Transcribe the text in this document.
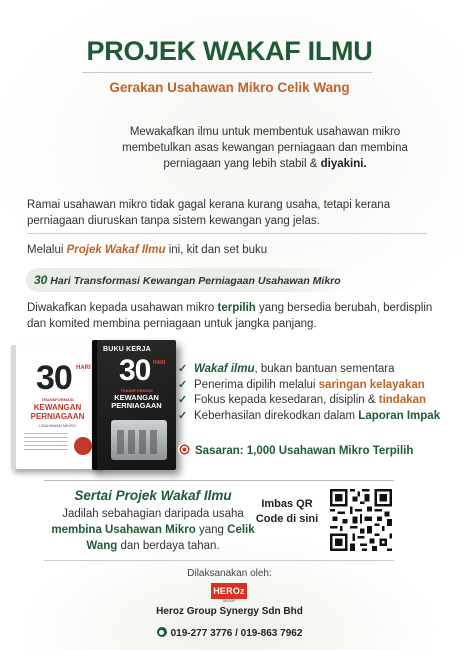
PROJEK WAKAF ILMU
Gerakan Usahawan Mikro Celik Wang
Mewakafkan ilmu untuk membentuk usahawan mikro membetulkan asas kewangan perniagaan dan membina perniagaan yang lebih stabil & diyakini.
Ramai usahawan mikro tidak gagal kerana kurang usaha, tetapi kerana perniagaan diuruskan tanpa sistem kewangan yang jelas.
Melalui Projek Wakaf Ilmu ini, kit dan set buku
30 Hari Transformasi Kewangan Perniagaan Usahawan Mikro
Diwakafkan kepada usahawan mikro terpilih yang bersedia berubah, berdisplin dan komited membina perniagaan untuk jangka panjang.
30 HARI
TRANSFORMASI
KEWANGAN PERNIAGAAN
USAHAWAN MIKRO
BUKU KERJA
30 HARI
TRANSFORMASI
KEWANGAN PERNIAGAAN
✓ Wakaf ilmu, bukan bantuan sementara
✓ Penerima dipilih melalui saringan kelayakan
✓ Fokus kepada kesedaran, disiplin & tindakan
✓ Keberhasilan direkodkan dalam Laporan Impak
Sasaran: 1,000 Usahawan Mikro Terpilih
Sertai Projek Wakaf Ilmu
Jadilah sebahagian daripada usaha membina Usahawan Mikro yang Celik Wang dan berdaya tahan.
Imbas QR Code di sini
Dilaksanakan oleh:
HEROz
GROUP
Heroz Group Synergy Sdn Bhd
019-277 3776 / 019-863 7962
